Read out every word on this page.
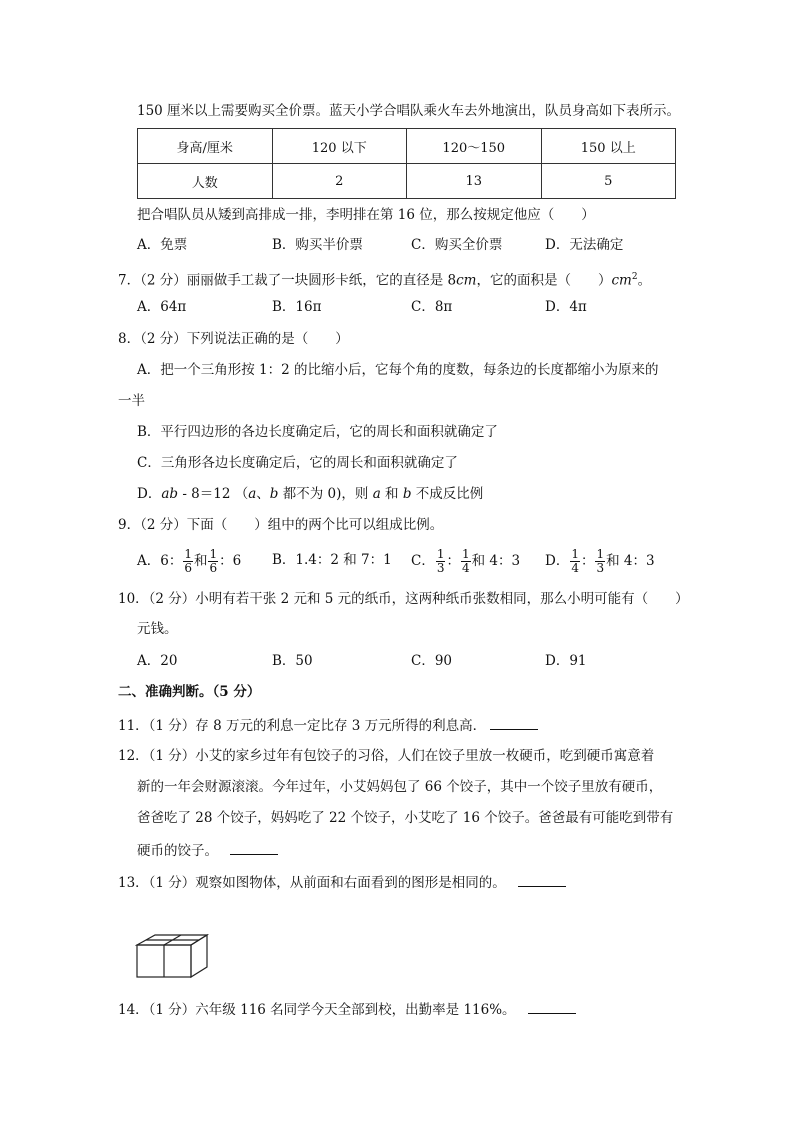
150 厘米以上需要购买全价票。蓝天小学合唱队乘火车去外地演出，队员身高如下表所示。
身高/厘米	120 以下	120～150	150 以上
人数	2	13	5
把合唱队员从矮到高排成一排，李明排在第 16 位，那么按规定他应（　　）
A．免票	B．购买半价票	C．购买全价票	D．无法确定
7．（2 分）丽丽做手工裁了一块圆形卡纸，它的直径是 8cm，它的面积是（　　）$cm^2$。
A．64π	B．16π	C．8π	D．4π
8．（2 分）下列说法正确的是（　　）
A．把一个三角形按 1：2 的比缩小后，它每个角的度数，每条边的长度都缩小为原来的
一半
B．平行四边形的各边长度确定后，它的周长和面积就确定了
C．三角形各边长度确定后，它的周长和面积就确定了
D．ab - 8＝12 （a、b 都不为 0)，则 a 和 b 不成反比例
9．（2 分）下面（　　）组中的两个比可以组成比例。
A．6： $\frac{1}{6}$ 和 $\frac{1}{6}$ ：6 B．1.4：2 和 7：1 C． $\frac{1}{3}$ ： $\frac{1}{4}$ 和 4：3 D． $\frac{1}{4}$ ： $\frac{1}{3}$ 和 4：3
10．（2 分）小明有若干张 2 元和 5 元的纸币，这两种纸币张数相同，那么小明可能有（　　）
元钱。
A．20	B．50	C．90	D．91
二、准确判断。（5 分）
11．（1 分）存 8 万元的利息一定比存 3 万元所得的利息高．
12．（1 分）小艾的家乡过年有包饺子的习俗，人们在饺子里放一枚硬币，吃到硬币寓意着
新的一年会财源滚滚。今年过年，小艾妈妈包了 66 个饺子，其中一个饺子里放有硬币，
爸爸吃了 28 个饺子，妈妈吃了 22 个饺子，小艾吃了 16 个饺子。爸爸最有可能吃到带有
硬币的饺子。
13．（1 分）观察如图物体，从前面和右面看到的图形是相同的。
14．（1 分）六年级 116 名同学今天全部到校，出勤率是 116%。
